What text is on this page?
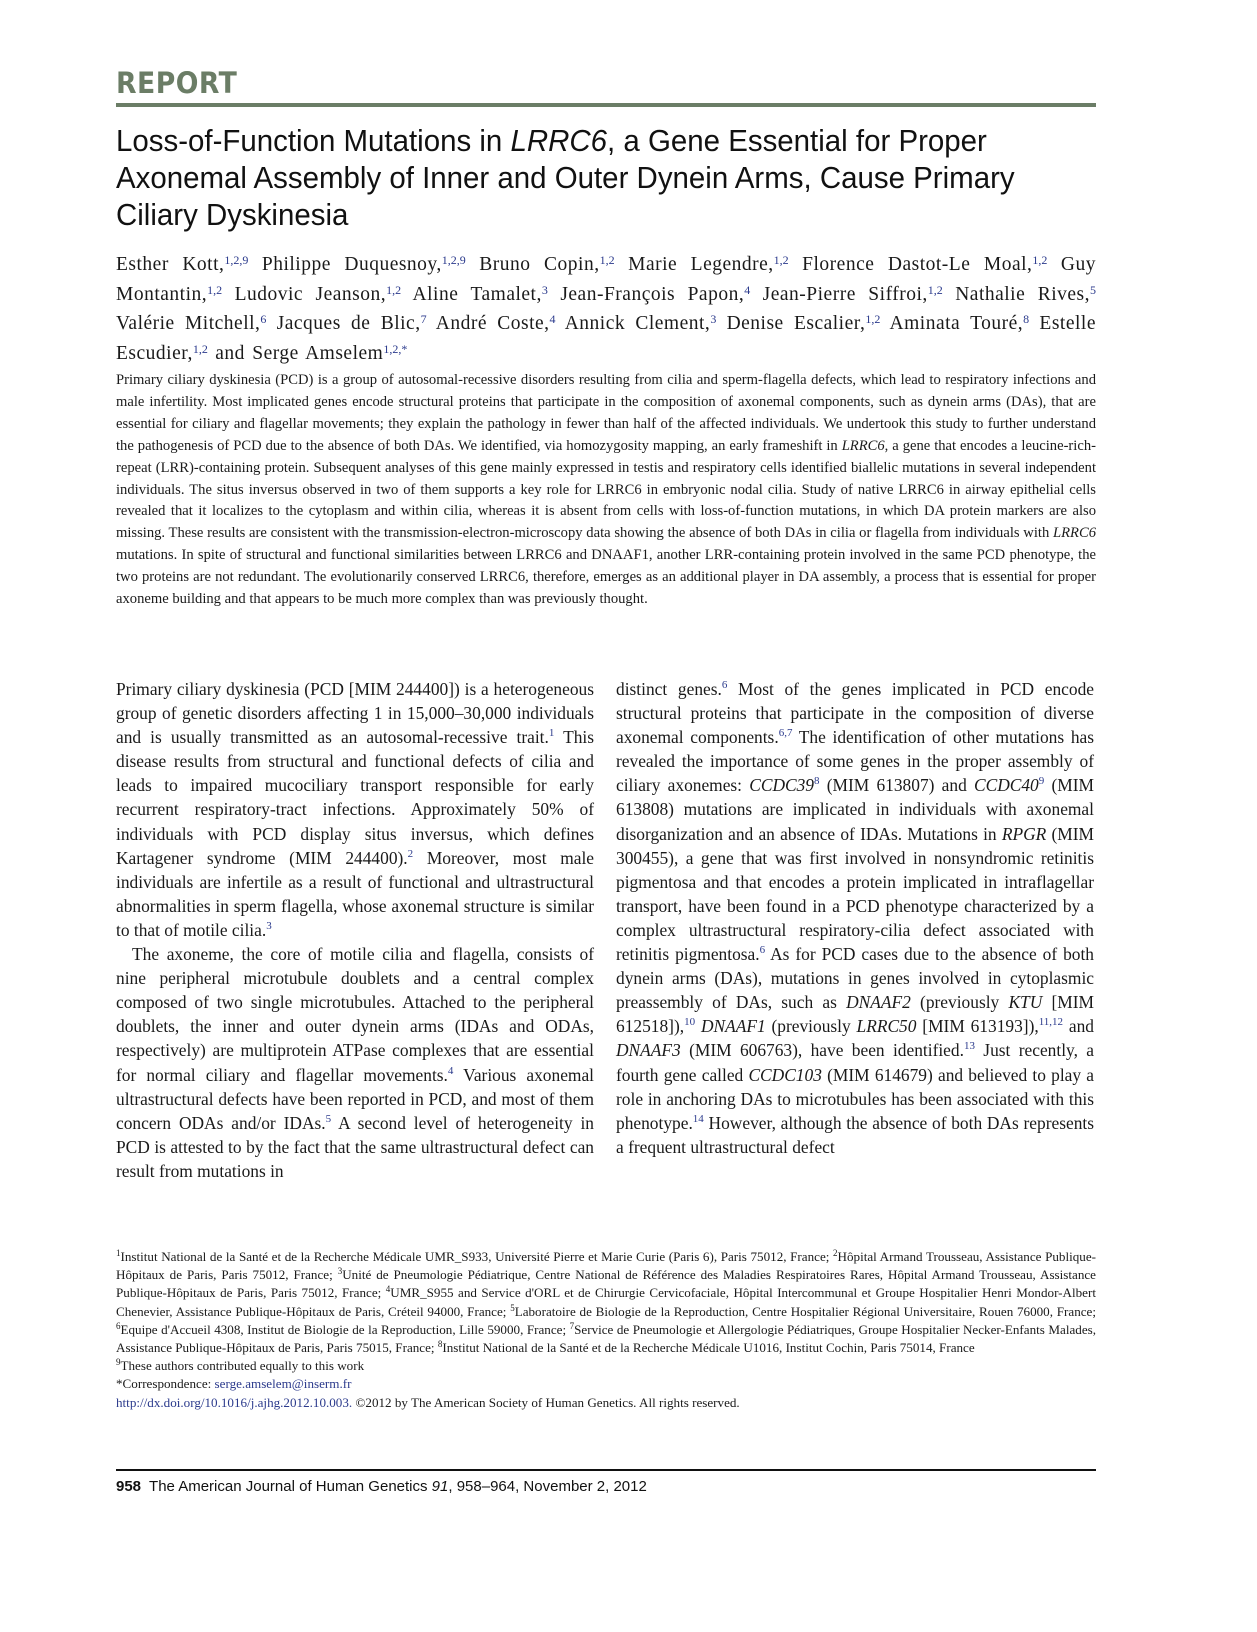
REPORT
Loss-of-Function Mutations in LRRC6, a Gene Essential for Proper Axonemal Assembly of Inner and Outer Dynein Arms, Cause Primary Ciliary Dyskinesia
Esther Kott,$^{1,2,9}$ Philippe Duquesnoy,$^{1,2,9}$ Bruno Copin,$^{1,2}$ Marie Legendre,$^{1,2}$ Florence Dastot-Le Moal,$^{1,2}$ Guy Montantin,$^{1,2}$ Ludovic Jeanson,$^{1,2}$ Aline Tamalet,$^3$ Jean-François Papon,$^4$ Jean-Pierre Siffroi,$^{1,2}$ Nathalie Rives,$^5$ Valérie Mitchell,$^6$ Jacques de Blic,$^7$ André Coste,$^4$ Annick Clement,$^3$ Denise Escalier,$^{1,2}$ Aminata Touré,$^8$ Estelle Escudier,$^{1,2}$ and Serge Amselem$^{1,2,*}$

Primary ciliary dyskinesia (PCD) is a group of autosomal-recessive disorders resulting from cilia and sperm-flagella defects, which lead to respiratory infections and male infertility. Most implicated genes encode structural proteins that participate in the composition of axonemal components, such as dynein arms (DAs), that are essential for ciliary and flagellar movements; they explain the pathology in fewer than half of the affected individuals. We undertook this study to further understand the pathogenesis of PCD due to the absence of both DAs. We identified, via homozygosity mapping, an early frameshift in LRRC6, a gene that encodes a leucine-rich-repeat (LRR)-containing protein. Subsequent analyses of this gene mainly expressed in testis and respiratory cells identified biallelic mutations in several independent individuals. The situs inversus observed in two of them supports a key role for LRRC6 in embryonic nodal cilia. Study of native LRRC6 in airway epithelial cells revealed that it localizes to the cytoplasm and within cilia, whereas it is absent from cells with loss-of-function mutations, in which DA protein markers are also missing. These results are consistent with the transmission-electron-microscopy data showing the absence of both DAs in cilia or flagella from individuals with LRRC6 mutations. In spite of structural and functional similarities between LRRC6 and DNAAF1, another LRR-containing protein involved in the same PCD phenotype, the two proteins are not redundant. The evolutionarily conserved LRRC6, therefore, emerges as an additional player in DA assembly, a process that is essential for proper axoneme building and that appears to be much more complex than was previously thought.

Primary ciliary dyskinesia (PCD [MIM 244400]) is a heterogeneous group of genetic disorders affecting 1 in 15,000–30,000 individuals and is usually transmitted as an autosomal-recessive trait.$^1$ This disease results from structural and functional defects of cilia and leads to impaired mucociliary transport responsible for early recurrent respiratory-tract infections. Approximately 50% of individuals with PCD display situs inversus, which defines Kartagener syndrome (MIM 244400).$^2$ Moreover, most male individuals are infertile as a result of functional and ultrastructural abnormalities in sperm flagella, whose axonemal structure is similar to that of motile cilia.$^3$

The axoneme, the core of motile cilia and flagella, consists of nine peripheral microtubule doublets and a central complex composed of two single microtubules. Attached to the peripheral doublets, the inner and outer dynein arms (IDAs and ODAs, respectively) are multiprotein ATPase complexes that are essential for normal ciliary and flagellar movements.$^4$ Various axonemal ultrastructural defects have been reported in PCD, and most of them concern ODAs and/or IDAs.$^5$ A second level of heterogeneity in PCD is attested to by the fact that the same ultrastructural defect can result from mutations in

distinct genes.$^6$ Most of the genes implicated in PCD encode structural proteins that participate in the composition of diverse axonemal components.$^{6,7}$ The identification of other mutations has revealed the importance of some genes in the proper assembly of ciliary axonemes: $CCDC39^8$ (MIM 613807) and $CCDC40^9$ (MIM 613808) mutations are implicated in individuals with axonemal disorganization and an absence of IDAs. Mutations in RPGR (MIM 300455), a gene that was first involved in nonsyndromic retinitis pigmentosa and that encodes a protein implicated in intraflagellar transport, have been found in a PCD phenotype characterized by a complex ultrastructural respiratory-cilia defect associated with retinitis pigmentosa.$^6$ As for PCD cases due to the absence of both dynein arms (DAs), mutations in genes involved in cytoplasmic preassembly of DAs, such as DNAAF2 (previously KTU [MIM 612518]),$^{10}$ DNAAF1 (previously LRRC50 [MIM 613193]),$^{11,12}$ and DNAAF3 (MIM 606763), have been identified.$^{13}$ Just recently, a fourth gene called CCDC103 (MIM 614679) and believed to play a role in anchoring DAs to microtubules has been associated with this phenotype.$^{14}$ However, although the absence of both DAs represents a frequent ultrastructural defect

$^1$Institut National de la Santé et de la Recherche Médicale UMR_S933, Université Pierre et Marie Curie (Paris 6), Paris 75012, France; $^2$Hôpital Armand Trousseau, Assistance Publique-Hôpitaux de Paris, Paris 75012, France; $^3$Unité de Pneumologie Pédiatrique, Centre National de Référence des Maladies Respiratoires Rares, Hôpital Armand Trousseau, Assistance Publique-Hôpitaux de Paris, Paris 75012, France; $^4$UMR_S955 and Service d'ORL et de Chirurgie Cervicofaciale, Hôpital Intercommunal et Groupe Hospitalier Henri Mondor-Albert Chenevier, Assistance Publique-Hôpitaux de Paris, Créteil 94000, France; $^5$Laboratoire de Biologie de la Reproduction, Centre Hospitalier Régional Universitaire, Rouen 76000, France; $^6$Equipe d'Accueil 4308, Institut de Biologie de la Reproduction, Lille 59000, France; $^7$Service de Pneumologie et Allergologie Pédiatriques, Groupe Hospitalier Necker-Enfants Malades, Assistance Publique-Hôpitaux de Paris, Paris 75015, France; $^8$Institut National de la Santé et de la Recherche Médicale U1016, Institut Cochin, Paris 75014, France

$^9$These authors contributed equally to this work
*Correspondence: serge.amselem@inserm.fr
http://dx.doi.org/10.1016/j.ajhg.2012.10.003. ©2012 by The American Society of Human Genetics. All rights reserved.
958 The American Journal of Human Genetics 91, 958–964, November 2, 2012
